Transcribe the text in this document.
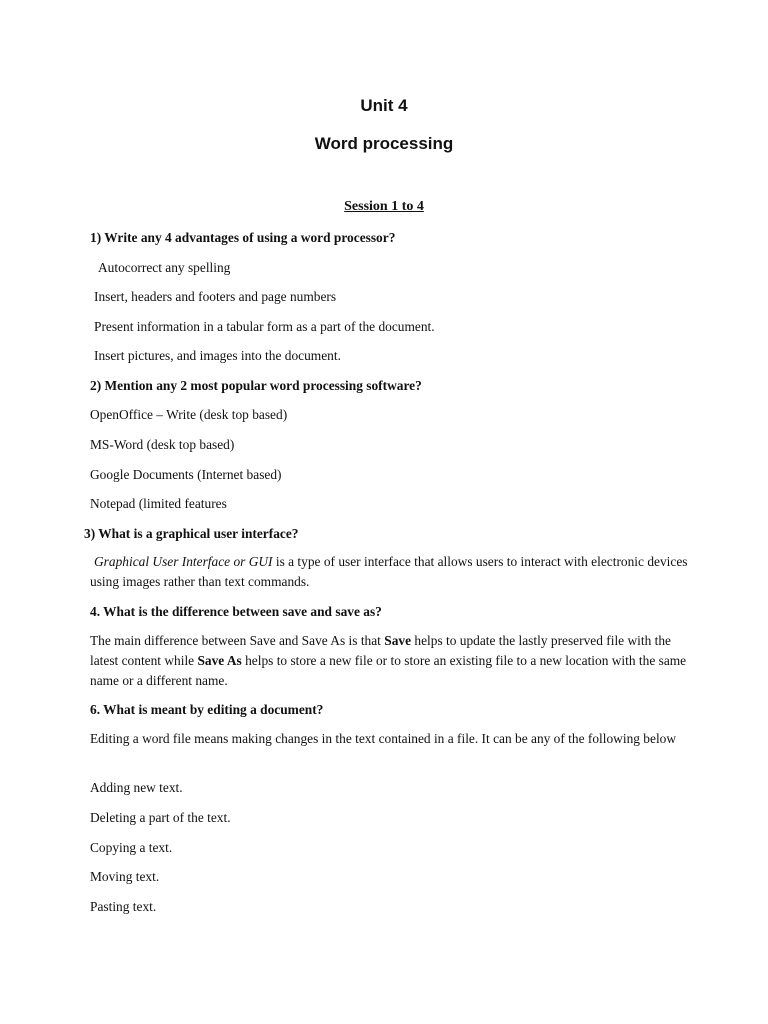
Unit 4
Word processing
Session 1 to 4
1) Write any 4 advantages of using a word processor?
Autocorrect any spelling
Insert, headers and footers and page numbers
Present information in a tabular form as a part of the document.
Insert pictures, and images into the document.
2) Mention any 2 most popular word processing software?
OpenOffice – Write (desk top based)
MS-Word (desk top based)
Google Documents (Internet based)
Notepad (limited features
3) What is a graphical user interface?
Graphical User Interface or GUI is a type of user interface that allows users to interact with electronic devices using images rather than text commands.
4. What is the difference between save and save as?
The main difference between Save and Save As is that Save helps to update the lastly preserved file with the latest content while Save As helps to store a new file or to store an existing file to a new location with the same name or a different name.
6. What is meant by editing a document?
Editing a word file means making changes in the text contained in a file. It can be any of the following below
Adding new text.
Deleting a part of the text.
Copying a text.
Moving text.
Pasting text.
